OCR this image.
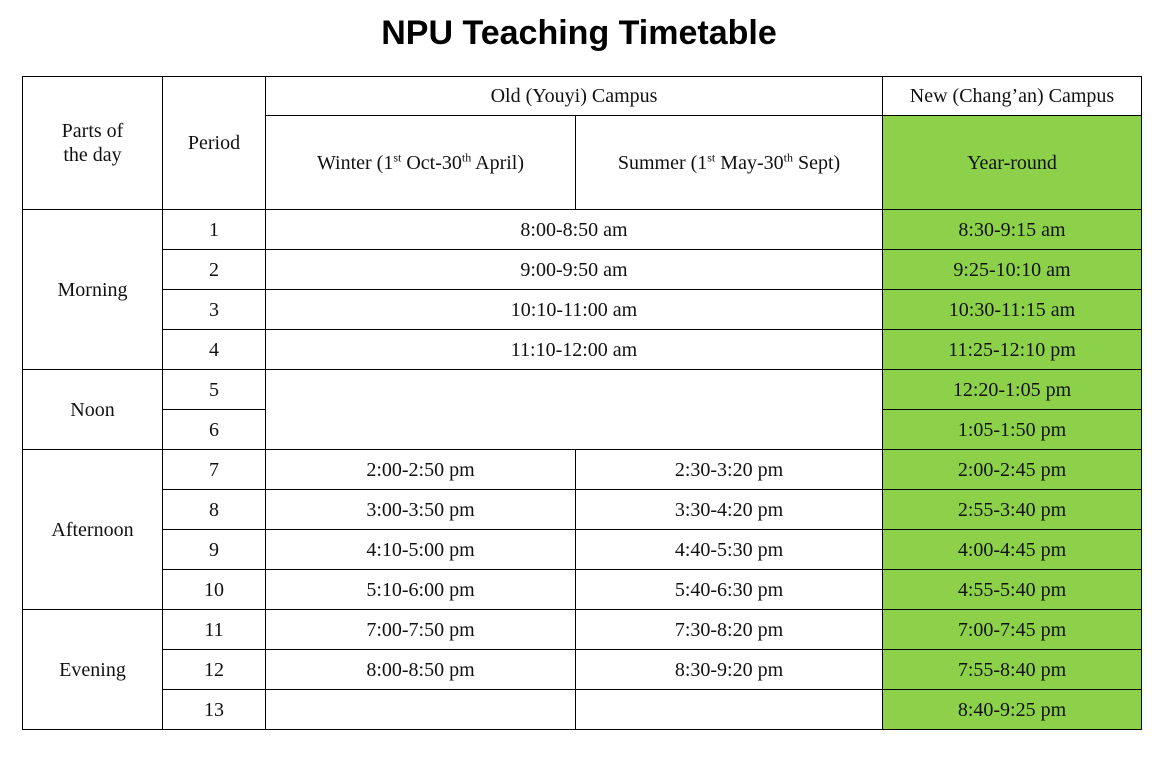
NPU Teaching Timetable
Parts of
the day	Period	Old (Youyi) Campus		New (Chang’an) Campus
		Winter (1st Oct-30th April)	Summer (1st May-30th Sept)	Year-round
Morning	1	8:00-8:50 am		8:30-9:15 am
	2	9:00-9:50 am		9:25-10:10 am
	3	10:10-11:00 am		10:30-11:15 am
	4	11:10-12:00 am		11:25-12:10 pm
Noon	5			12:20-1:05 pm
	6			1:05-1:50 pm
Afternoon	7	2:00-2:50 pm	2:30-3:20 pm	2:00-2:45 pm
	8	3:00-3:50 pm	3:30-4:20 pm	2:55-3:40 pm
	9	4:10-5:00 pm	4:40-5:30 pm	4:00-4:45 pm
	10	5:10-6:00 pm	5:40-6:30 pm	4:55-5:40 pm
Evening	11	7:00-7:50 pm	7:30-8:20 pm	7:00-7:45 pm
	12	8:00-8:50 pm	8:30-9:20 pm	7:55-8:40 pm
	13			8:40-9:25 pm
